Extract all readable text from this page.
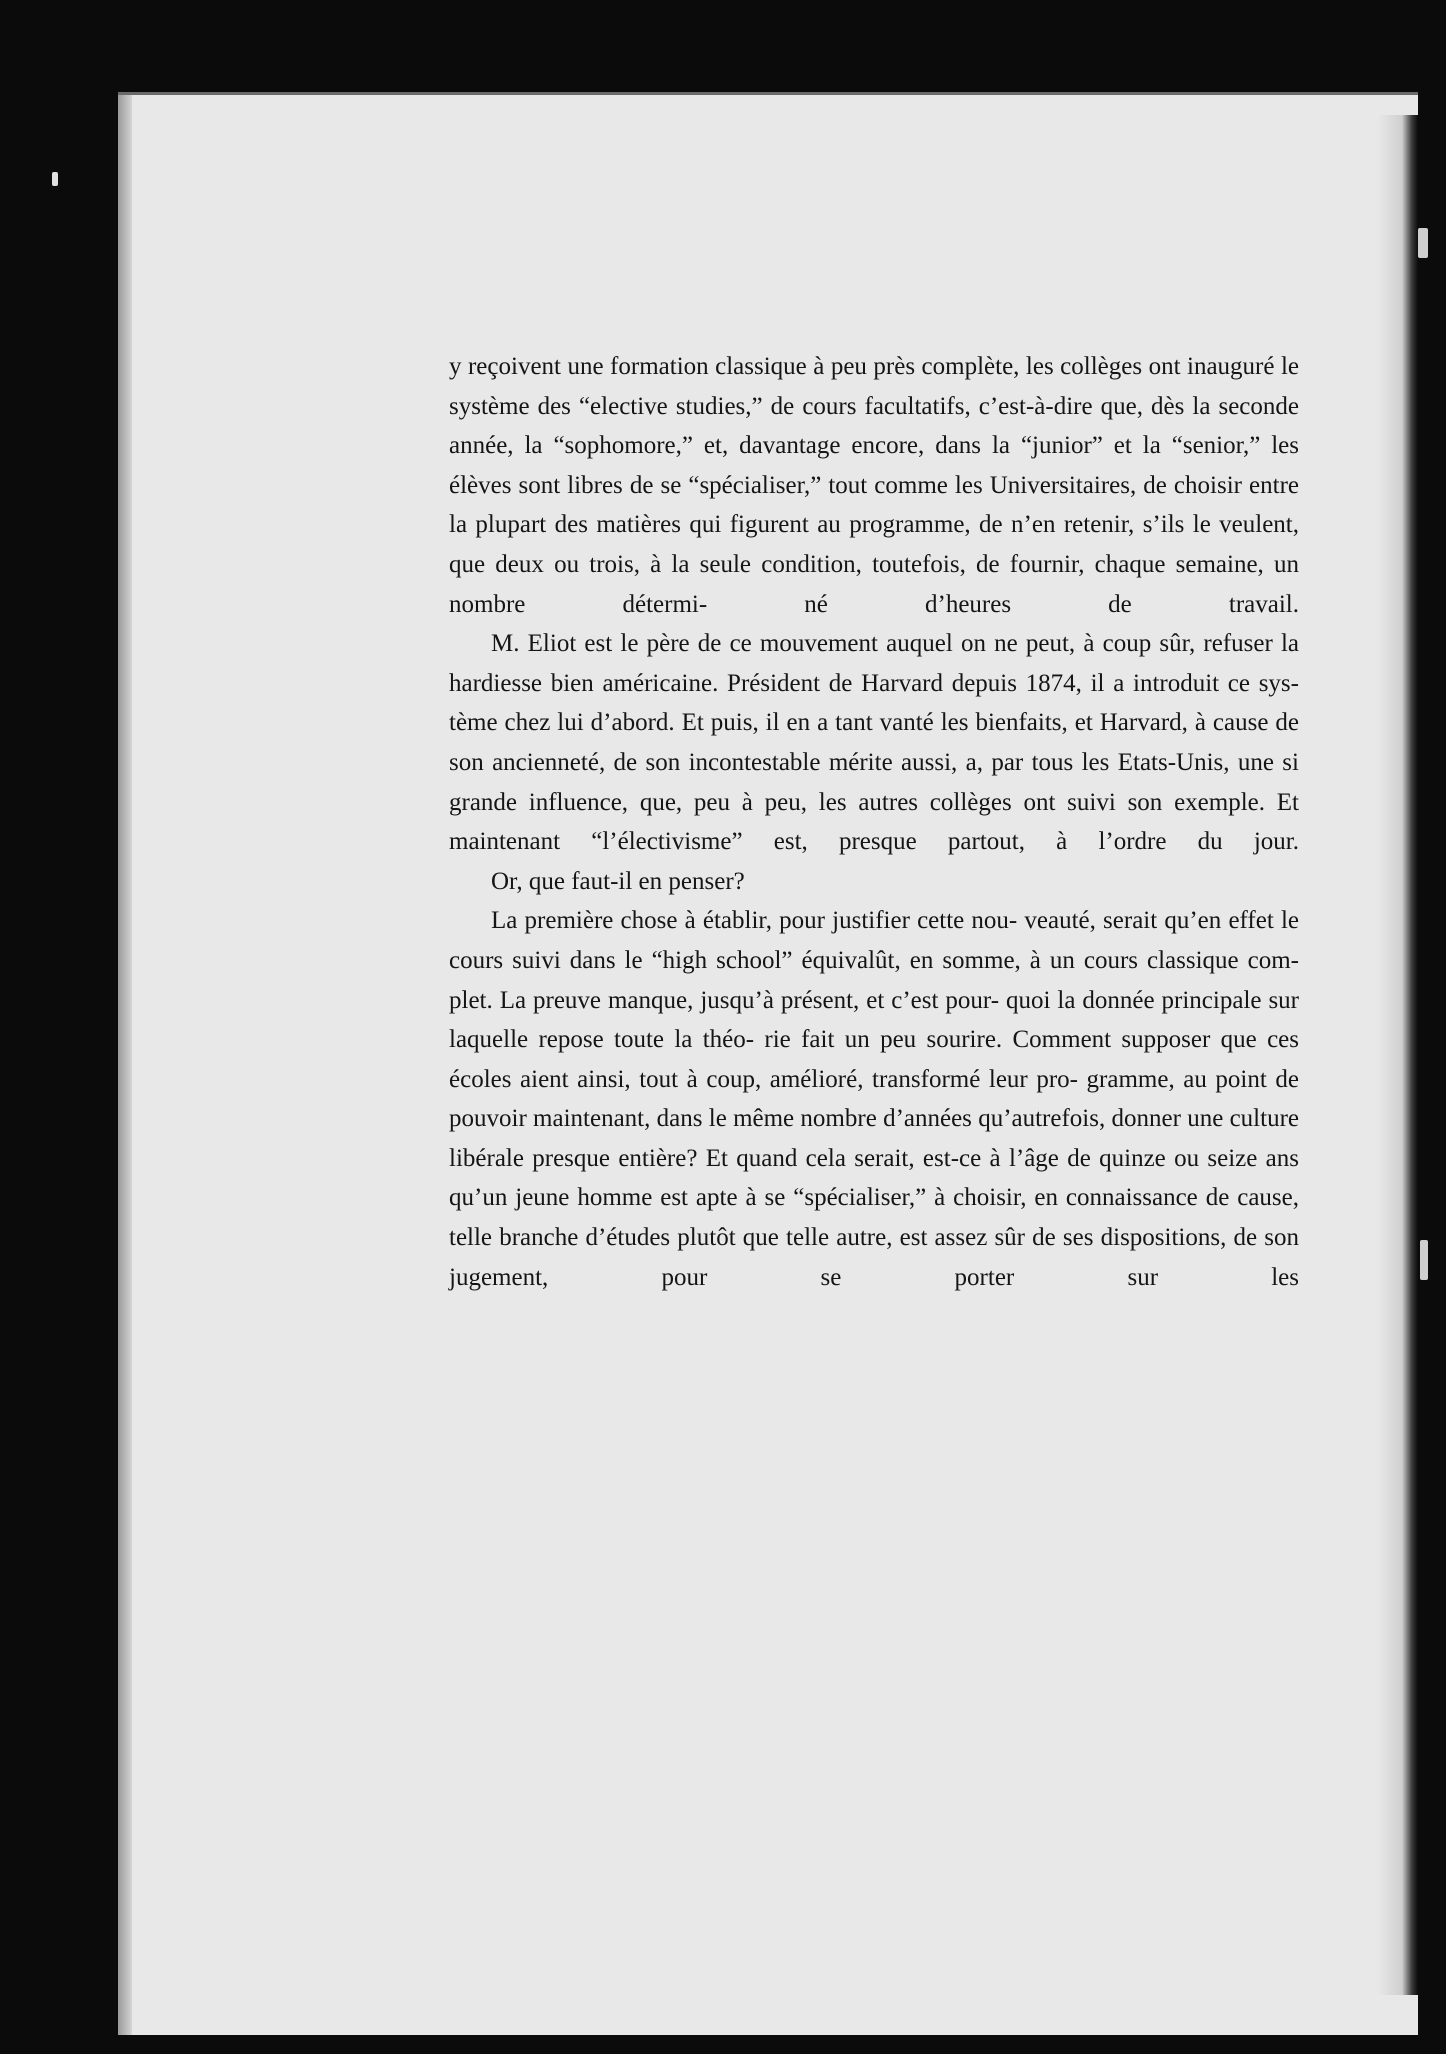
y reçoivent une formation classique à peu près complète, les collèges ont inauguré le système des “elective studies,” de cours facultatifs, c’est-à-dire que, dès la seconde année, la “sophomore,” et, davantage encore, dans la “junior” et la “senior,” les élèves sont libres de se “spécialiser,” tout comme les Universitaires, de choisir entre la plupart des matières qui figurent au programme, de n’en retenir, s’ils le veulent, que deux ou trois, à la seule condition, toutefois, de fournir, chaque semaine, un nombre détermi- né d’heures de travail.

M. Eliot est le père de ce mouvement auquel on ne peut, à coup sûr, refuser la hardiesse bien américaine. Président de Harvard depuis 1874, il a introduit ce sys- tème chez lui d’abord. Et puis, il en a tant vanté les bienfaits, et Harvard, à cause de son ancienneté, de son incontestable mérite aussi, a, par tous les Etats-Unis, une si grande influence, que, peu à peu, les autres collèges ont suivi son exemple. Et maintenant “l’électivisme” est, presque partout, à l’ordre du jour.

Or, que faut-il en penser?

La première chose à établir, pour justifier cette nou- veauté, serait qu’en effet le cours suivi dans le “high school” équivalût, en somme, à un cours classique com- plet. La preuve manque, jusqu’à présent, et c’est pour- quoi la donnée principale sur laquelle repose toute la théo- rie fait un peu sourire. Comment supposer que ces écoles aient ainsi, tout à coup, amélioré, transformé leur pro- gramme, au point de pouvoir maintenant, dans le même nombre d’années qu’autrefois, donner une culture libérale presque entière? Et quand cela serait, est-ce à l’âge de quinze ou seize ans qu’un jeune homme est apte à se “spécialiser,” à choisir, en connaissance de cause, telle branche d’études plutôt que telle autre, est assez sûr de ses dispositions, de son jugement, pour se porter sur les
